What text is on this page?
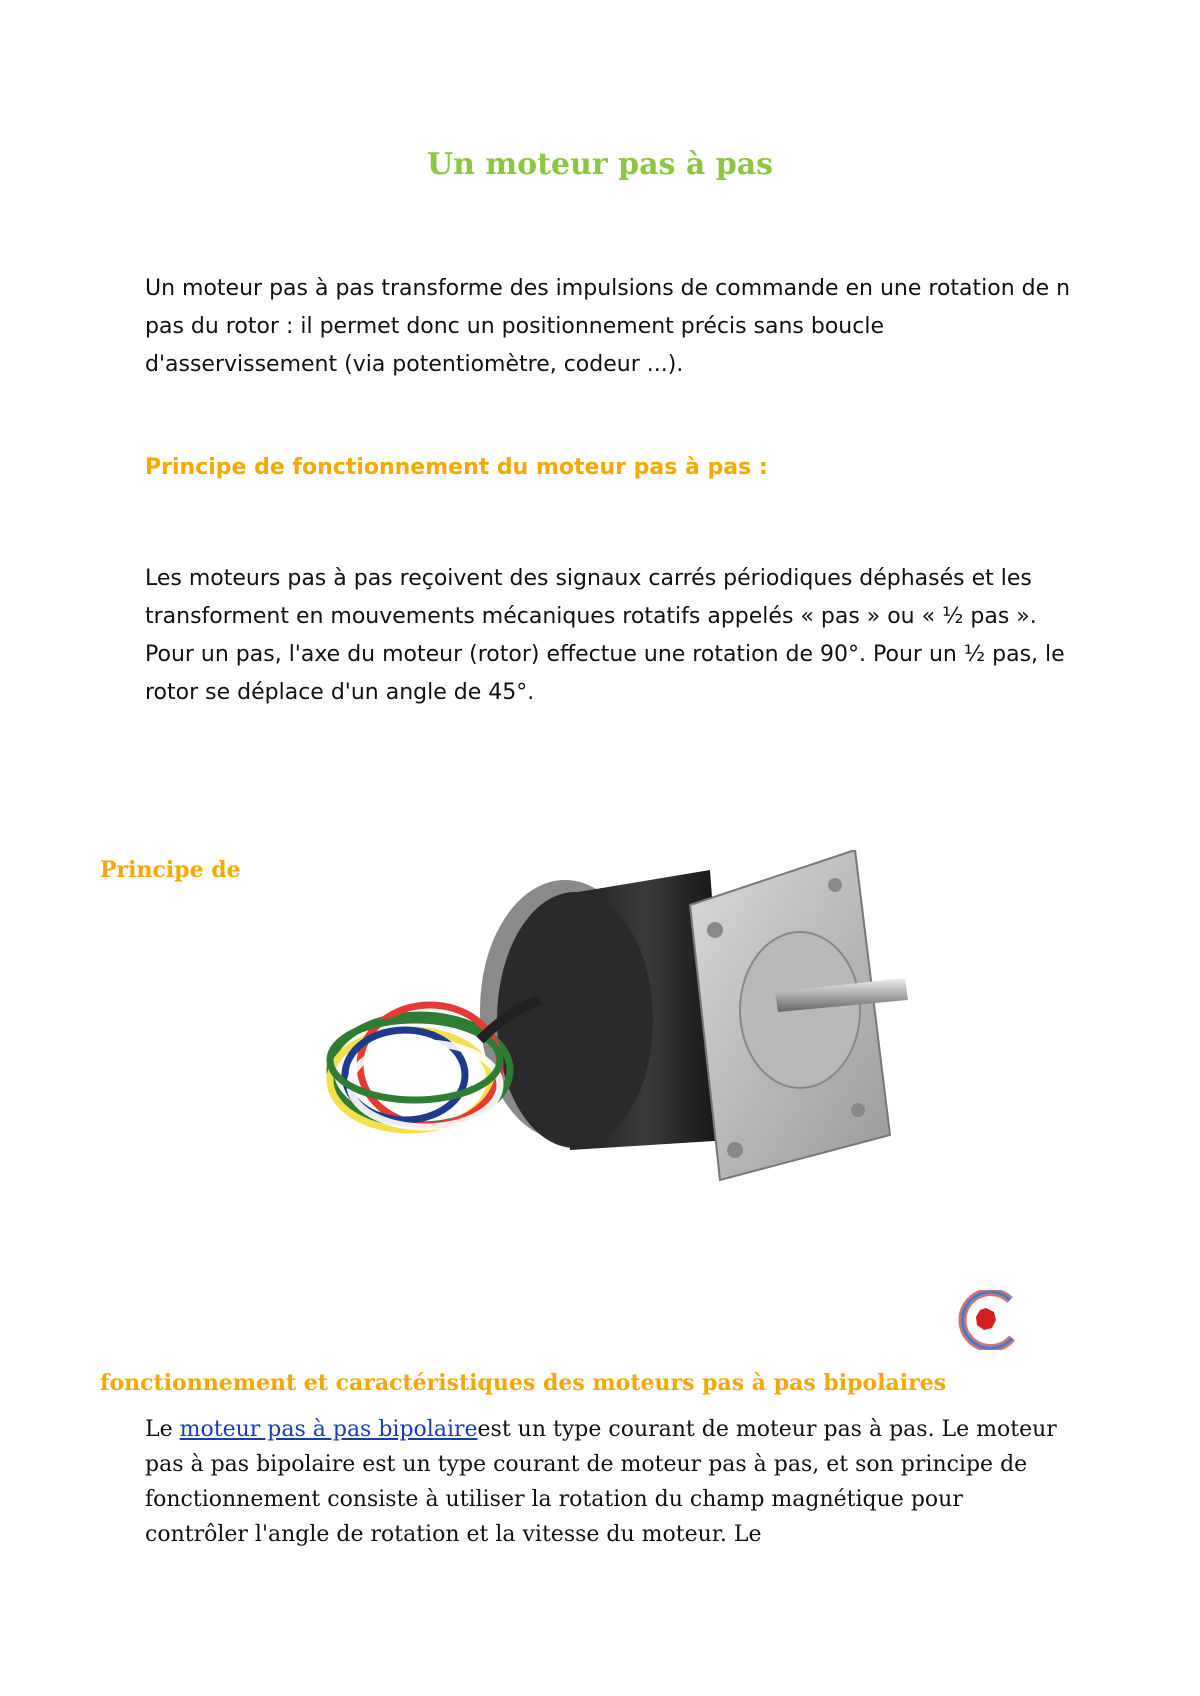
Un moteur pas à pas

Un moteur pas à pas transforme des impulsions de commande en une rotation de n pas du rotor : il permet donc un positionnement précis sans boucle d'asservissement (via potentiomètre, codeur ...).

Principe de fonctionnement du moteur pas à pas :

Les moteurs pas à pas reçoivent des signaux carrés périodiques déphasés et les transforment en mouvements mécaniques rotatifs appelés « pas » ou « ½ pas ». Pour un pas, l'axe du moteur (rotor) effectue une rotation de 90°. Pour un ½ pas, le rotor se déplace d'un angle de 45°.

Principe de
fonctionnement et caractéristiques des moteurs pas à pas bipolaires

Le moteur pas à pas bipolaireest un type courant de moteur pas à pas. Le moteur pas à pas bipolaire est un type courant de moteur pas à pas, et son principe de fonctionnement consiste à utiliser la rotation du champ magnétique pour contrôler l'angle de rotation et la vitesse du moteur. Le
